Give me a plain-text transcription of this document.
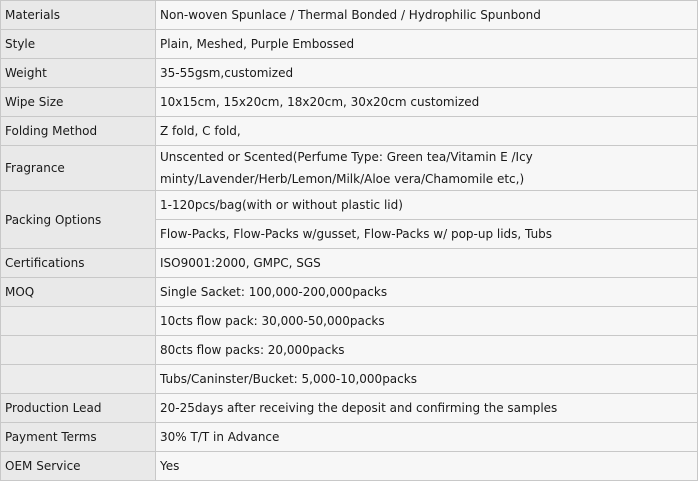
Materials	Non-woven Spunlace / Thermal Bonded / Hydrophilic Spunbond
Style	Plain, Meshed, Purple Embossed
Weight	35-55gsm,customized
Wipe Size	10x15cm, 15x20cm, 18x20cm, 30x20cm customized
Folding Method	Z fold, C fold,
Fragrance	Unscented or Scented(Perfume Type: Green tea/Vitamin E /Icy
minty/Lavender/Herb/Lemon/Milk/Aloe vera/Chamomile etc,)
Packing Options	1-120pcs/bag(with or without plastic lid)
	Flow-Packs, Flow-Packs w/gusset, Flow-Packs w/ pop-up lids, Tubs
Certifications	ISO9001:2000, GMPC, SGS
MOQ	Single Sacket: 100,000-200,000packs
	10cts flow pack: 30,000-50,000packs
	80cts flow packs: 20,000packs
	Tubs/Caninster/Bucket: 5,000-10,000packs
Production Lead	20-25days after receiving the deposit and confirming the samples
Payment Terms	30% T/T in Advance
OEM Service	Yes
